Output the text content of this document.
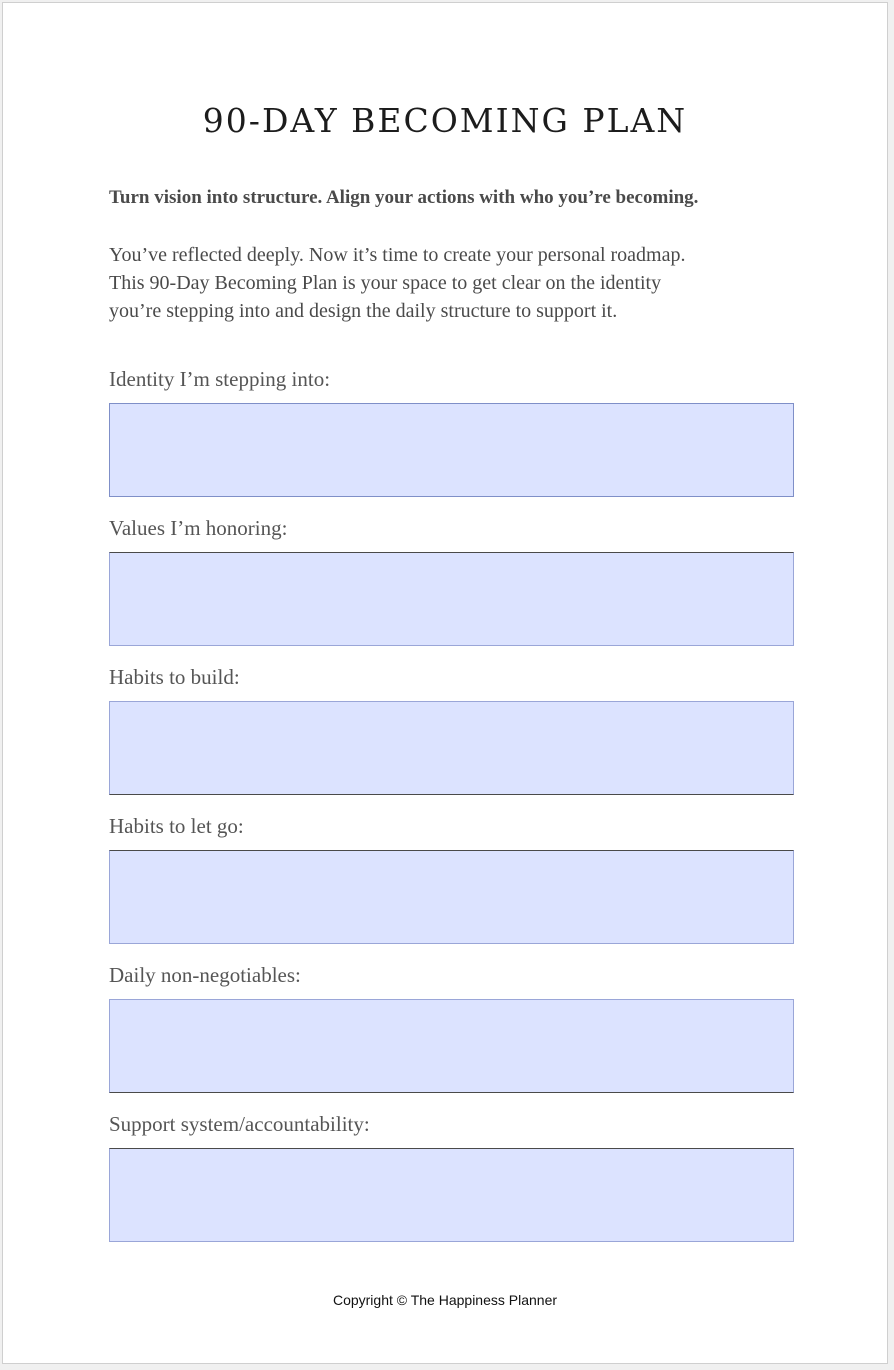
90-DAY BECOMING PLAN

Turn vision into structure. Align your actions with who you’re becoming.

You’ve reflected deeply. Now it’s time to create your personal roadmap.
This 90-Day Becoming Plan is your space to get clear on the identity
you’re stepping into and design the daily structure to support it.

Identity I’m stepping into:

Values I’m honoring:

Habits to build:

Habits to let go:

Daily non-negotiables:

Support system/accountability:

Copyright © The Happiness Planner
